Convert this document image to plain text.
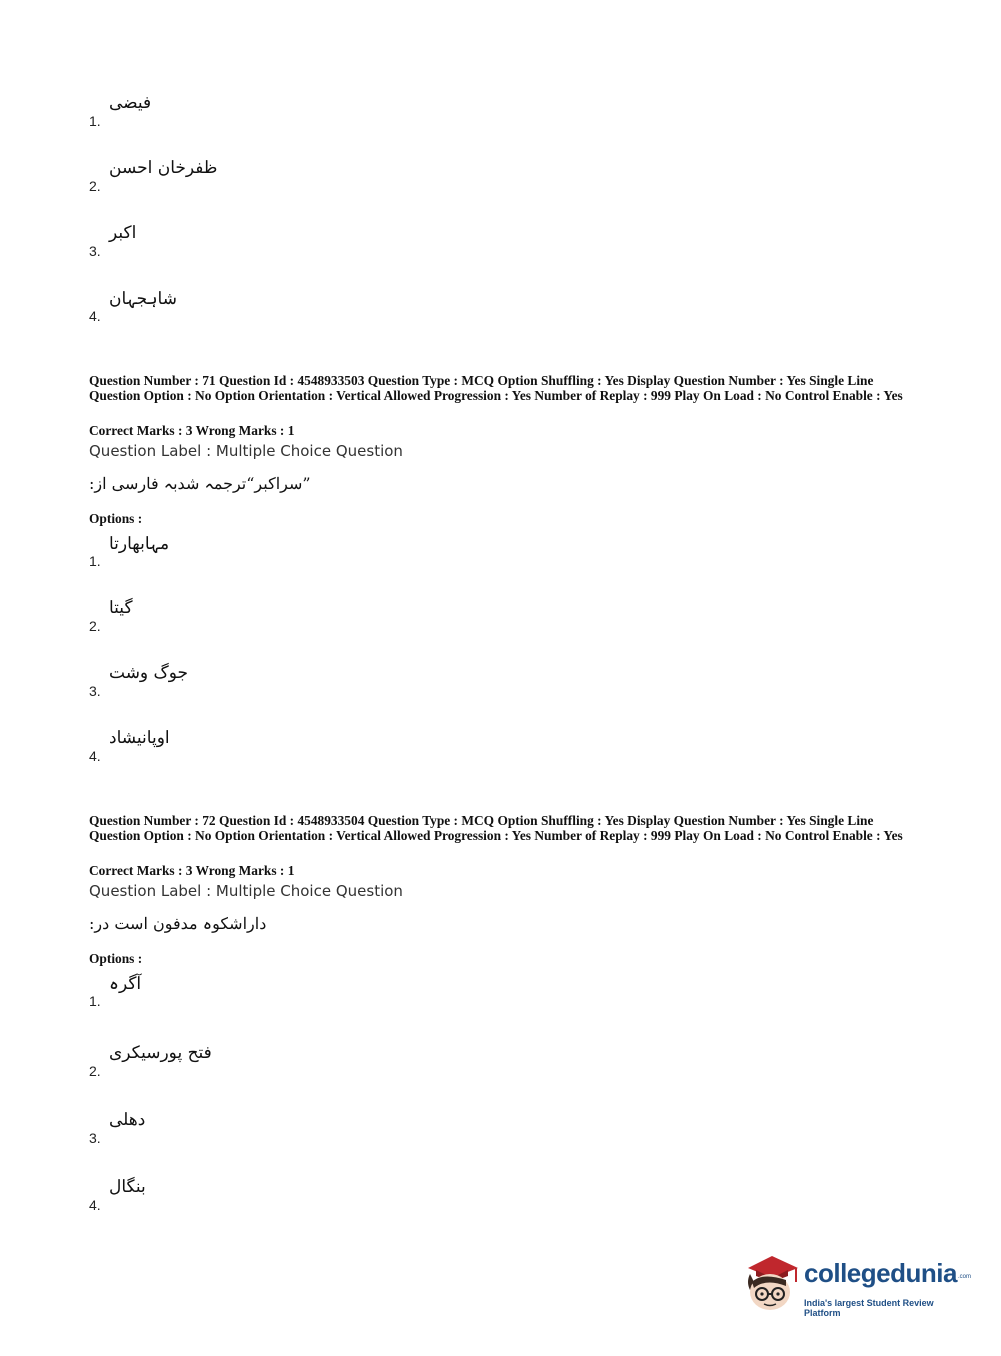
1.
فیضی
2.
ظفرخان احسن
3.
اکبر
4.
شاہجہان
Question Number : 71 Question Id : 4548933503 Question Type : MCQ Option Shuffling : Yes Display Question Number : Yes Single Line Question Option : No Option Orientation : Vertical Allowed Progression : Yes Number of Replay : 999 Play On Load : No Control Enable : Yes
Correct Marks : 3 Wrong Marks : 1
Question Label : Multiple Choice Question
”سراکبر“ترجمہ شدبہ فارسی از:
Options :
1.
مہابھارتا
2.
گیتا
3.
جوگ وشت
4.
اوپانیشاد
Question Number : 72 Question Id : 4548933504 Question Type : MCQ Option Shuffling : Yes Display Question Number : Yes Single Line Question Option : No Option Orientation : Vertical Allowed Progression : Yes Number of Replay : 999 Play On Load : No Control Enable : Yes
Correct Marks : 3 Wrong Marks : 1
Question Label : Multiple Choice Question
داراشکوہ مدفون است در:
Options :
1.
آگرہ
2.
فتح پورسیکری
3.
دھلی
4.
بنگال
collegedunia .com
India's largest Student Review Platform
